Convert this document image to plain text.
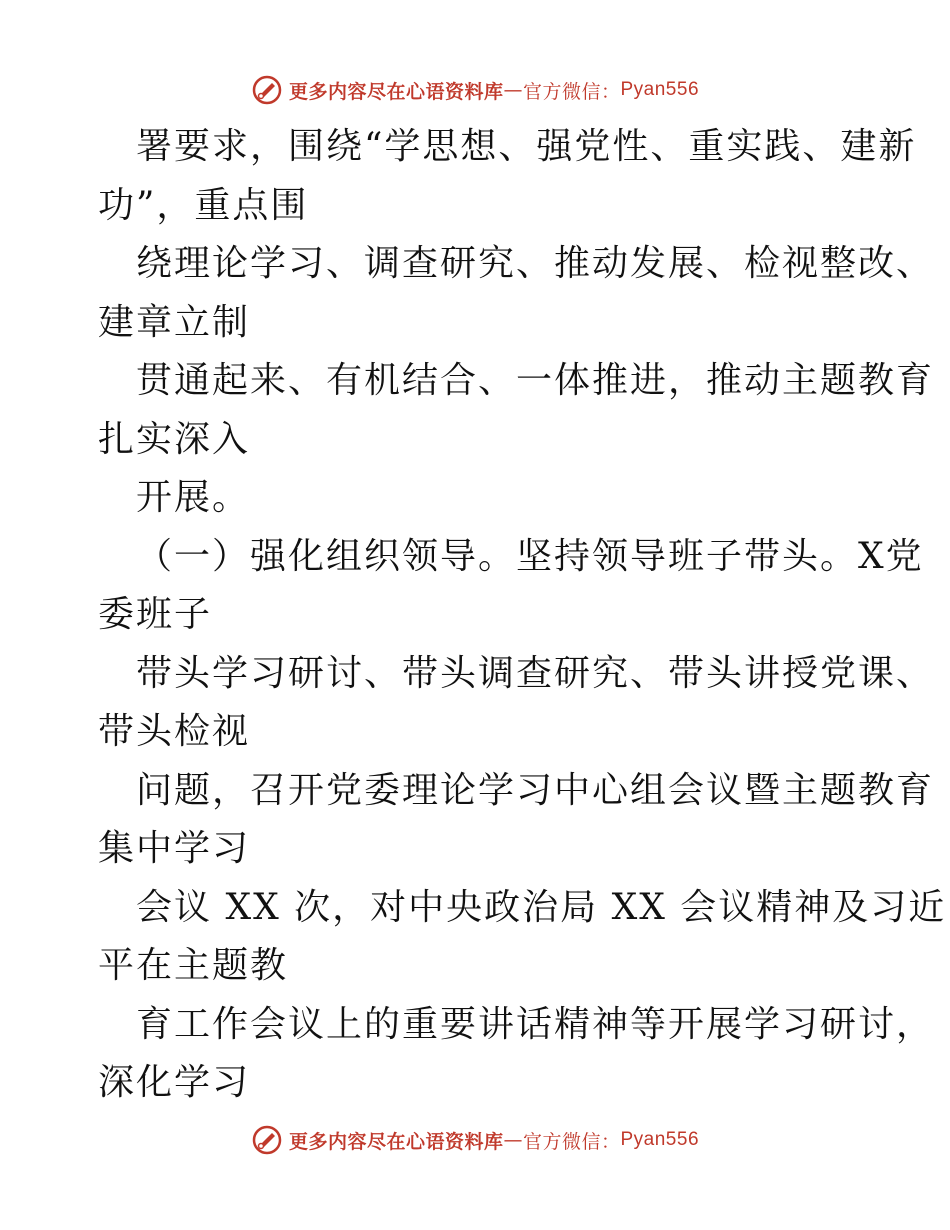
更多内容尽在心语资料库 — 官方微信： Pyan556
署要求，围绕“学思想、强党性、重实践、建新
功”，重点围
绕理论学习、调查研究、推动发展、检视整改、
建章立制
贯通起来、有机结合、一体推进，推动主题教育
扎实深入
开展。
（一）强化组织领导。坚持领导班子带头。X党
委班子
带头学习研讨、带头调查研究、带头讲授党课、
带头检视
问题，召开党委理论学习中心组会议暨主题教育
集中学习
会议 XX 次，对中央政治局 XX 会议精神及习近
平在主题教
育工作会议上的重要讲话精神等开展学习研讨，
深化学习
更多内容尽在心语资料库 — 官方微信： Pyan556
